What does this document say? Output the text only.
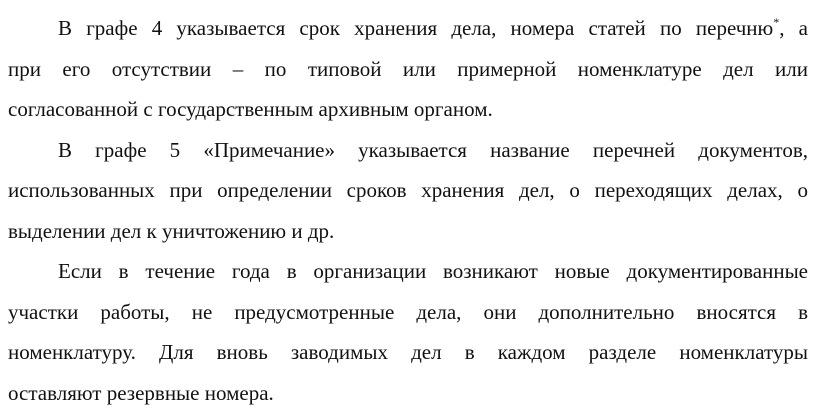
В графе 4 указывается срок хранения дела, номера статей по перечню*, а
при его отсутствии – по типовой или примерной номенклатуре дел или
согласованной с государственным архивным органом.
В графе 5 «Примечание» указывается название перечней документов,
использованных при определении сроков хранения дел, о переходящих делах, о
выделении дел к уничтожению и др.
Если в течение года в организации возникают новые документированные
участки работы, не предусмотренные дела, они дополнительно вносятся в
номенклатуру. Для вновь заводимых дел в каждом разделе номенклатуры
оставляют резервные номера.
